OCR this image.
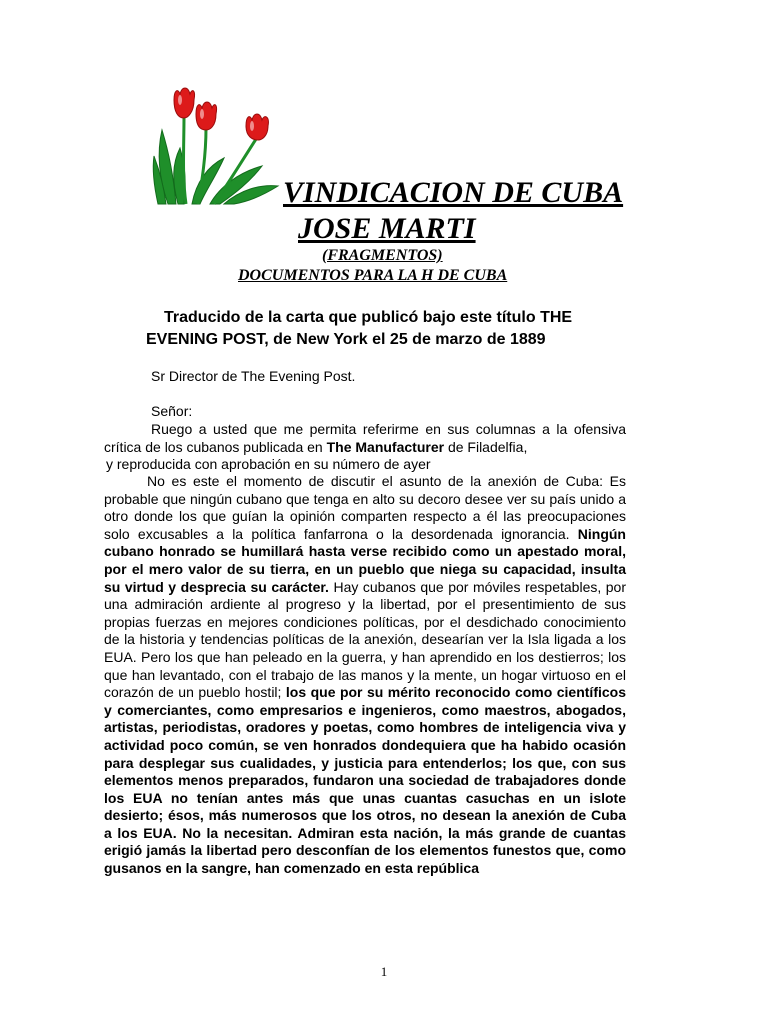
VINDICACION DE CUBA
JOSE MARTI
(FRAGMENTOS)
DOCUMENTOS PARA LA H DE CUBA
Traducido de la carta que publicó bajo este título THE
EVENING POST, de New York el 25 de marzo de 1889
Sr Director de The Evening Post.
Señor:
Ruego a usted que me permita referirme en sus columnas a la ofensiva crítica de los cubanos publicada en The Manufacturer de Filadelfia,
y reproducida con aprobación en su número de ayer
No es este el momento de discutir el asunto de la anexión de Cuba: Es probable que ningún cubano que tenga en alto su decoro desee ver su país unido a otro donde los que guían la opinión comparten respecto a él las preocupaciones solo excusables a la política fanfarrona o la desordenada ignorancia. Ningún cubano honrado se humillará hasta verse recibido como un apestado moral, por el mero valor de su tierra, en un pueblo que niega su capacidad, insulta su virtud y desprecia su carácter. Hay cubanos que por móviles respetables, por una admiración ardiente al progreso y la libertad, por el presentimiento de sus propias fuerzas en mejores condiciones políticas, por el desdichado conocimiento de la historia y tendencias políticas de la anexión, desearían ver la Isla ligada a los EUA. Pero los que han peleado en la guerra, y han aprendido en los destierros; los que han levantado, con el trabajo de las manos y la mente, un hogar virtuoso en el corazón de un pueblo hostil; los que por su mérito reconocido como científicos y comerciantes, como empresarios e ingenieros, como maestros, abogados, artistas, periodistas, oradores y poetas, como hombres de inteligencia viva y actividad poco común, se ven honrados dondequiera que ha habido ocasión para desplegar sus cualidades, y justicia para entenderlos; los que, con sus elementos menos preparados, fundaron una sociedad de trabajadores donde los EUA no tenían antes más que unas cuantas casuchas en un islote desierto; ésos, más numerosos que los otros, no desean la anexión de Cuba a los EUA. No la necesitan. Admiran esta nación, la más grande de cuantas erigió jamás la libertad pero desconfían de los elementos funestos que, como gusanos en la sangre, han comenzado en esta república
1
